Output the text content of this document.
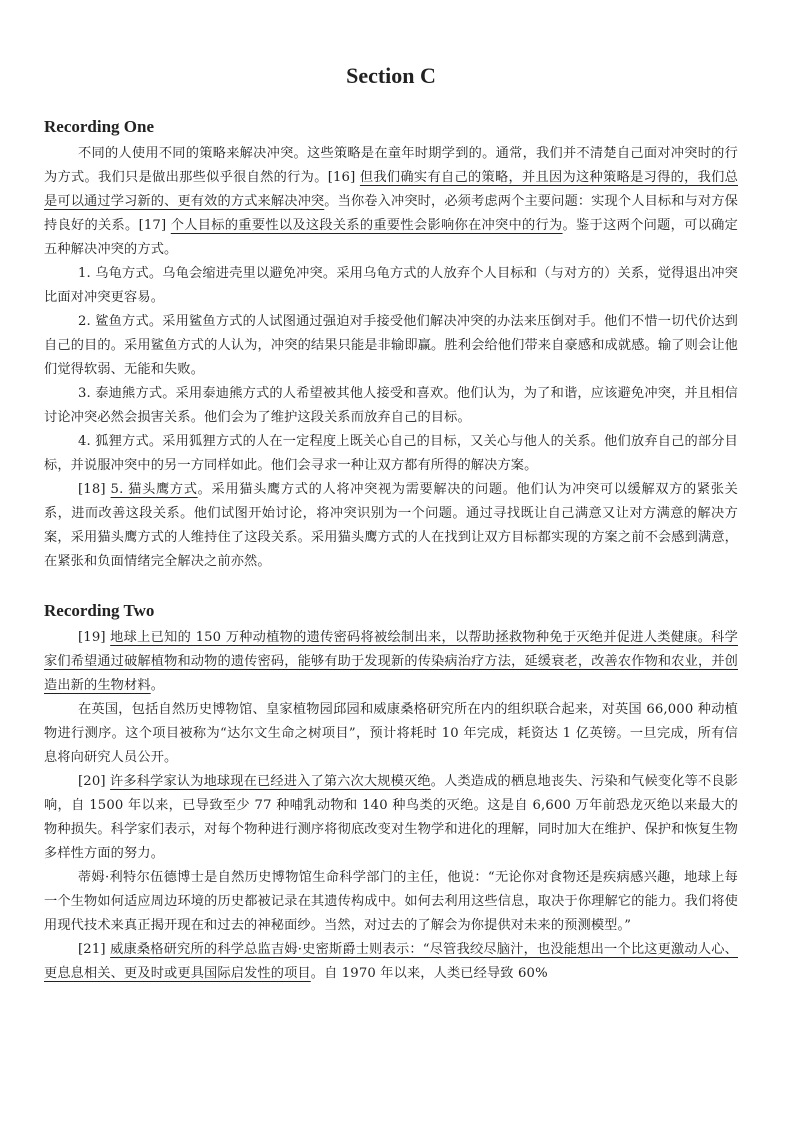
Section C
Recording One

不同的人使用不同的策略来解决冲突。这些策略是在童年时期学到的。通常，我们并不清楚自己面对冲突时的行为方式。我们只是做出那些似乎很自然的行为。[16] 但我们确实有自己的策略，并且因为这种策略是习得的，我们总是可以通过学习新的、更有效的方式来解决冲突。当你卷入冲突时，必须考虑两个主要问题：实现个人目标和与对方保持良好的关系。[17] 个人目标的重要性以及这段关系的重要性会影响你在冲突中的行为。鉴于这两个问题，可以确定五种解决冲突的方式。

1. 乌龟方式。乌龟会缩进壳里以避免冲突。采用乌龟方式的人放弃个人目标和（与对方的）关系，觉得退出冲突比面对冲突更容易。

2. 鲨鱼方式。采用鲨鱼方式的人试图通过强迫对手接受他们解决冲突的办法来压倒对手。他们不惜一切代价达到自己的目的。采用鲨鱼方式的人认为，冲突的结果只能是非输即赢。胜利会给他们带来自豪感和成就感。输了则会让他们觉得软弱、无能和失败。

3. 泰迪熊方式。采用泰迪熊方式的人希望被其他人接受和喜欢。他们认为，为了和谐，应该避免冲突，并且相信讨论冲突必然会损害关系。他们会为了维护这段关系而放弃自己的目标。

4. 狐狸方式。采用狐狸方式的人在一定程度上既关心自己的目标，又关心与他人的关系。他们放弃自己的部分目标，并说服冲突中的另一方同样如此。他们会寻求一种让双方都有所得的解决方案。

[18] 5. 猫头鹰方式。采用猫头鹰方式的人将冲突视为需要解决的问题。他们认为冲突可以缓解双方的紧张关系，进而改善这段关系。他们试图开始讨论，将冲突识别为一个问题。通过寻找既让自己满意又让对方满意的解决方案，采用猫头鹰方式的人维持住了这段关系。采用猫头鹰方式的人在找到让双方目标都实现的方案之前不会感到满意，在紧张和负面情绪完全解决之前亦然。

Recording Two

[19] 地球上已知的 150 万种动植物的遗传密码将被绘制出来，以帮助拯救物种免于灭绝并促进人类健康。科学家们希望通过破解植物和动物的遗传密码，能够有助于发现新的传染病治疗方法，延缓衰老，改善农作物和农业，并创造出新的生物材料。

在英国，包括自然历史博物馆、皇家植物园邱园和威康桑格研究所在内的组织联合起来，对英国 66,000 种动植物进行测序。这个项目被称为“达尔文生命之树项目”，预计将耗时 10 年完成，耗资达 1 亿英镑。一旦完成，所有信息将向研究人员公开。

[20] 许多科学家认为地球现在已经进入了第六次大规模灭绝。人类造成的栖息地丧失、污染和气候变化等不良影响，自 1500 年以来，已导致至少 77 种哺乳动物和 140 种鸟类的灭绝。这是自 6,600 万年前恐龙灭绝以来最大的物种损失。科学家们表示，对每个物种进行测序将彻底改变对生物学和进化的理解，同时加大在维护、保护和恢复生物多样性方面的努力。

蒂姆·利特尔伍德博士是自然历史博物馆生命科学部门的主任，他说：“无论你对食物还是疾病感兴趣，地球上每一个生物如何适应周边环境的历史都被记录在其遗传构成中。如何去利用这些信息，取决于你理解它的能力。我们将使用现代技术来真正揭开现在和过去的神秘面纱。当然，对过去的了解会为你提供对未来的预测模型。”

[21] 威康桑格研究所的科学总监吉姆·史密斯爵士则表示：“尽管我绞尽脑汁，也没能想出一个比这更激动人心、更息息相关、更及时或更具国际启发性的项目。自 1970 年以来，人类已经导致 60%
